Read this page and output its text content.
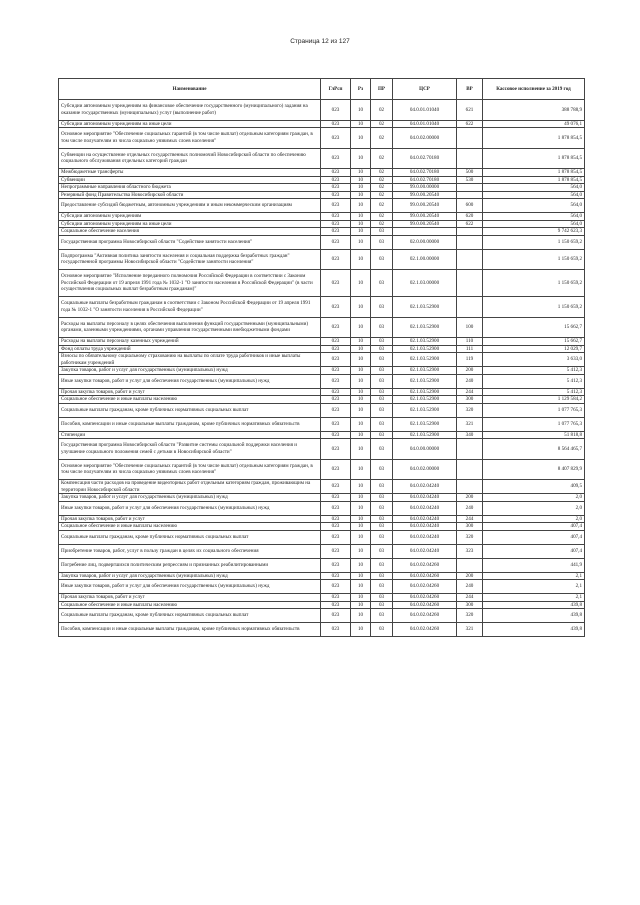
Страница 12 из 127
Наименование	ГлРсп	Рз	ПР	ЦСР	ВР	Кассовое исполнение за 2019 год
Субсидии автономным учреждениям на финансовое обеспечение государственного (муниципального) задания на оказание государственных (муниципальных) услуг (выполнение работ)	023	10	02	04.0.01.01040	621	388 788,9
Субсидии автономным учреждениям на иные цели	023	10	02	04.0.01.01040	622	49 076,1
Основное мероприятие "Обеспечение социальных гарантий (в том числе выплат) отдельным категориям граждан, в том числе получателям из числа социально уязвимых слоев населения"	023	10	02	04.0.02.00000		1 878 854,5
Субвенции на осуществление отдельных государственных полномочий Новосибирской области по обеспечению социального обслуживания отдельных категорий граждан	023	10	02	04.0.02.70180		1 878 854,5
Межбюджетные трансферты	023	10	02	04.0.02.70180	500	1 878 854,5
Субвенции	023	10	02	04.0.02.70180	530	1 878 854,5
Непрограммные направления областного бюджета	023	10	02	99.0.00.00000		564,0
Резервный фонд Правительства Новосибирской области	023	10	02	99.0.00.20540		564,0
Предоставление субсидий бюджетным, автономным учреждениям и иным некоммерческим организациям	023	10	02	99.0.00.20540	600	564,0
Субсидии автономным учреждениям	023	10	02	99.0.00.20540	620	564,0
Субсидии автономным учреждениям на иные цели	023	10	02	99.0.00.20540	622	564,0
Социальное обеспечение населения	023	10	03			9 742 623,3
Государственная программа Новосибирской области "Содействие занятости населения"	023	10	03	02.0.00.00000		1 150 659,2
Подпрограмма "Активная политика занятости населения и социальная поддержка безработных граждан" государственной программы Новосибирской области "Содействие занятости населения"	023	10	03	02.1.00.00000		1 150 659,2
Основное мероприятие "Исполнение переданного полномочия Российской Федерации в соответствии с Законом Российской Федерации от 19 апреля 1991 года № 1032-1 "О занятости населения в Российской Федерации" (в части осуществления социальных выплат безработным гражданам)"	023	10	03	02.1.03.00000		1 150 659,2
Социальные выплаты безработным гражданам в соответствии с Законом Российской Федерации от 19 апреля 1991 года № 1032-1 "О занятости населения в Российской Федерации"	023	10	03	02.1.03.52900		1 150 659,2
Расходы на выплаты персоналу в целях обеспечения выполнения функций государственными (муниципальными) органами, казенными учреждениями, органами управления государственными внебюджетными фондами	023	10	03	02.1.03.52900	100	15 662,7
Расходы на выплаты персоналу казенных учреждений	023	10	03	02.1.03.52900	110	15 662,7
Фонд оплаты труда учреждений	023	10	03	02.1.03.52900	111	12 029,7
Взносы по обязательному социальному страхованию на выплаты по оплате труда работников и иные выплаты работникам учреждений	023	10	03	02.1.03.52900	119	3 633,0
Закупка товаров, работ и услуг для государственных (муниципальных) нужд	023	10	03	02.1.03.52900	200	5 412,3
Иные закупки товаров, работ и услуг для обеспечения государственных (муниципальных) нужд	023	10	03	02.1.03.52900	240	5 412,3
Прочая закупка товаров, работ и услуг	023	10	03	02.1.03.52900	244	5 412,3
Социальное обеспечение и иные выплаты населению	023	10	03	02.1.03.52900	300	1 129 584,2
Социальные выплаты гражданам, кроме публичных нормативных социальных выплат	023	10	03	02.1.03.52900	320	1 077 765,3
Пособия, компенсации и иные социальные выплаты гражданам, кроме публичных нормативных обязательств	023	10	03	02.1.03.52900	321	1 077 765,3
Стипендии	023	10	03	02.1.03.52900	340	51 818,8
Государственная программа Новосибирской области "Развитие системы социальной поддержки населения и улучшение социального положения семей с детьми в Новосибирской области"	023	10	03	04.0.00.00000		8 564 465,7
Основное мероприятие "Обеспечение социальных гарантий (в том числе выплат) отдельным категориям граждан, в том числе получателям из числа социально уязвимых слоев населения"	023	10	03	04.0.02.00000		8 407 829,9
Компенсация части расходов на проведение видеоторных работ отдельным категориям граждан, проживающим на территории Новосибирской области	023	10	03	04.0.02.04240		409,5
Закупка товаров, работ и услуг для государственных (муниципальных) нужд	023	10	03	04.0.02.04240	200	2,0
Иные закупки товаров, работ и услуг для обеспечения государственных (муниципальных) нужд	023	10	03	04.0.02.04240	240	2,0
Прочая закупка товаров, работ и услуг	023	10	03	04.0.02.04240	244	2,0
Социальное обеспечение и иные выплаты населению	023	10	03	04.0.02.04240	300	407,4
Социальные выплаты гражданам, кроме публичных нормативных социальных выплат	023	10	03	04.0.02.04240	320	407,4
Приобретение товаров, работ, услуг в пользу граждан в целях их социального обеспечения	023	10	03	04.0.02.04240	323	407,4
Погребение лиц, подвергшихся политическим репрессиям и признанных реабилитированными	023	10	03	04.0.02.04260		441,9
Закупка товаров, работ и услуг для государственных (муниципальных) нужд	023	10	03	04.0.02.04260	200	2,1
Иные закупки товаров, работ и услуг для обеспечения государственных (муниципальных) нужд	023	10	03	04.0.02.04260	240	2,1
Прочая закупка товаров, работ и услуг	023	10	03	04.0.02.04260	244	2,1
Социальное обеспечение и иные выплаты населению	023	10	03	04.0.02.04260	300	439,8
Социальные выплаты гражданам, кроме публичных нормативных социальных выплат	023	10	03	04.0.02.04260	320	439,8
Пособия, компенсации и иные социальные выплаты гражданам, кроме публичных нормативных обязательств	023	10	03	04.0.02.04260	321	439,8
